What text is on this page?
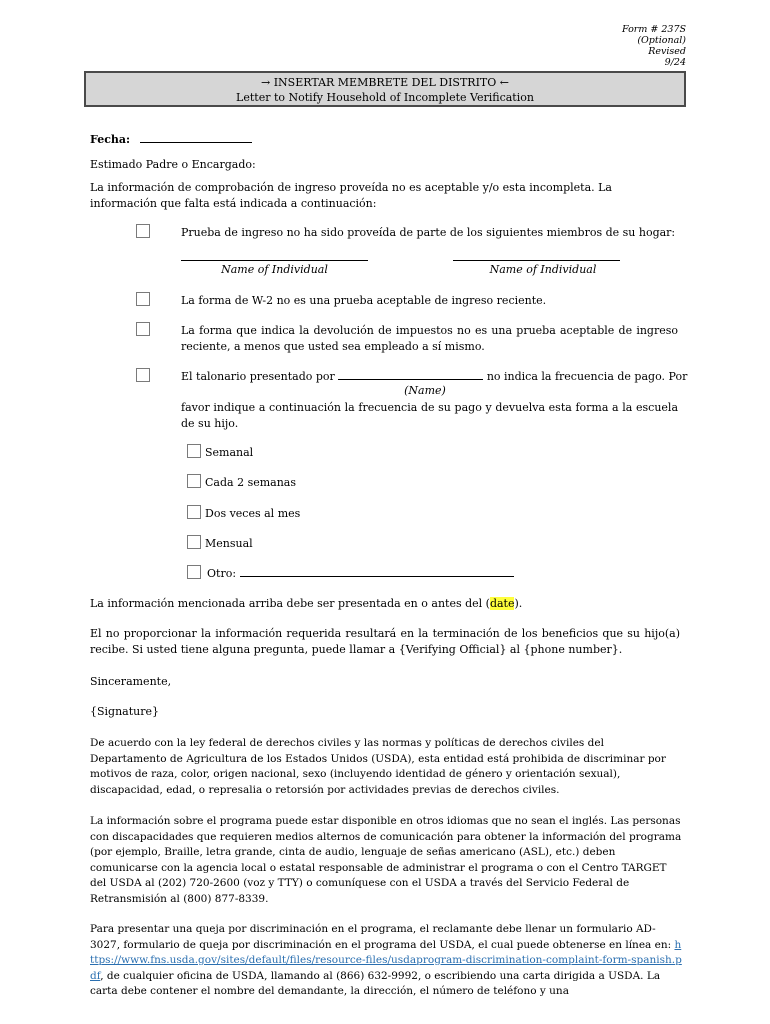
Form # 237S
(Optional)
Revised
9/24
→ INSERTAR MEMBRETE DEL DISTRITO ←
Letter to Notify Household of Incomplete Verification
Fecha:
Estimado Padre o Encargado:
La información de comprobación de ingreso proveída no es aceptable y/o esta incompleta. La información que falta está indicada a continuación:
Prueba de ingreso no ha sido proveída de parte de los siguientes miembros de su hogar:
Name of Individual	Name of Individual
La forma de W-2 no es una prueba aceptable de ingreso reciente.
La forma que indica la devolución de impuestos no es una prueba aceptable de ingreso reciente, a menos que usted sea empleado a sí mismo.
El talonario presentado por	no indica la frecuencia de pago. Por
(Name)
favor indique a continuación la frecuencia de su pago y devuelva esta forma a la escuela de su hijo.
Semanal
Cada 2 semanas
Dos veces al mes
Mensual
Otro:
La información mencionada arriba debe ser presentada en o antes del (date).
El no proporcionar la información requerida resultará en la terminación de los beneficios que su hijo(a) recibe. Si usted tiene alguna pregunta, puede llamar a {Verifying Official} al {phone number}.
Sinceramente,
{Signature}
De acuerdo con la ley federal de derechos civiles y las normas y políticas de derechos civiles del Departamento de Agricultura de los Estados Unidos (USDA), esta entidad está prohibida de discriminar por motivos de raza, color, origen nacional, sexo (incluyendo identidad de género y orientación sexual), discapacidad, edad, o represalia o retorsión por actividades previas de derechos civiles.
La información sobre el programa puede estar disponible en otros idiomas que no sean el inglés. Las personas con discapacidades que requieren medios alternos de comunicación para obtener la información del programa (por ejemplo, Braille, letra grande, cinta de audio, lenguaje de señas americano (ASL), etc.) deben comunicarse con la agencia local o estatal responsable de administrar el programa o con el Centro TARGET del USDA al (202) 720-2600 (voz y TTY) o comuníquese con el USDA a través del Servicio Federal de Retransmisión al (800) 877-8339.
Para presentar una queja por discriminación en el programa, el reclamante debe llenar un formulario AD-3027, formulario de queja por discriminación en el programa del USDA, el cual puede obtenerse en línea en: https://www.fns.usda.gov/sites/default/files/resource-files/usdaprogram-discrimination-complaint-form-spanish.pdf, de cualquier oficina de USDA, llamando al (866) 632-9992, o escribiendo una carta dirigida a USDA. La carta debe contener el nombre del demandante, la dirección, el número de teléfono y una
